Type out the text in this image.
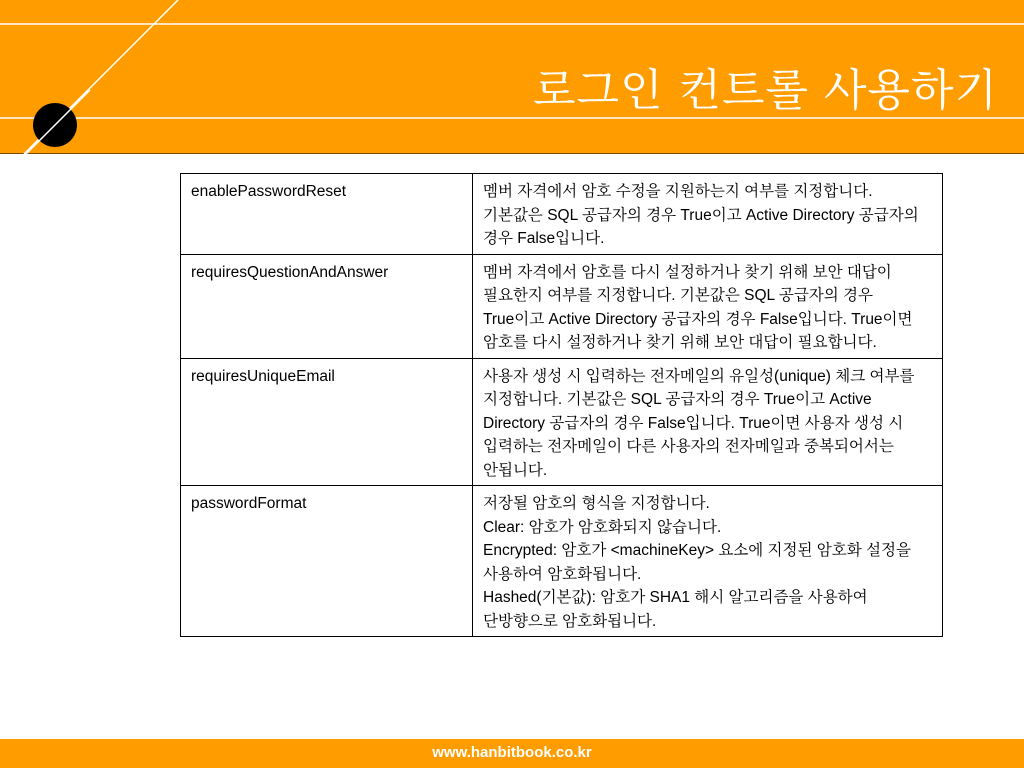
로그인 컨트롤 사용하기
enablePasswordReset	멤버 자격에서 암호 수정을 지원하는지 여부를 지정합니다. 기본값은 SQL 공급자의 경우 True이고 Active Directory 공급자의 경우 False입니다.
requiresQuestionAndAnswer	멤버 자격에서 암호를 다시 설정하거나 찾기 위해 보안 대답이 필요한지 여부를 지정합니다. 기본값은 SQL 공급자의 경우 True이고 Active Directory 공급자의 경우 False입니다. True이면 암호를 다시 설정하거나 찾기 위해 보안 대답이 필요합니다.
requiresUniqueEmail	사용자 생성 시 입력하는 전자메일의 유일성(unique) 체크 여부를 지정합니다. 기본값은 SQL 공급자의 경우 True이고 Active Directory 공급자의 경우 False입니다. True이면 사용자 생성 시 입력하는 전자메일이 다른 사용자의 전자메일과 중복되어서는 안됩니다.
passwordFormat	저장될 암호의 형식을 지정합니다.
Clear: 암호가 암호화되지 않습니다.
Encrypted: 암호가 <machineKey> 요소에 지정된 암호화 설정을 사용하여 암호화됩니다.
Hashed(기본값): 암호가 SHA1 해시 알고리즘을 사용하여 단방향으로 암호화됩니다.
www.hanbitbook.co.kr
